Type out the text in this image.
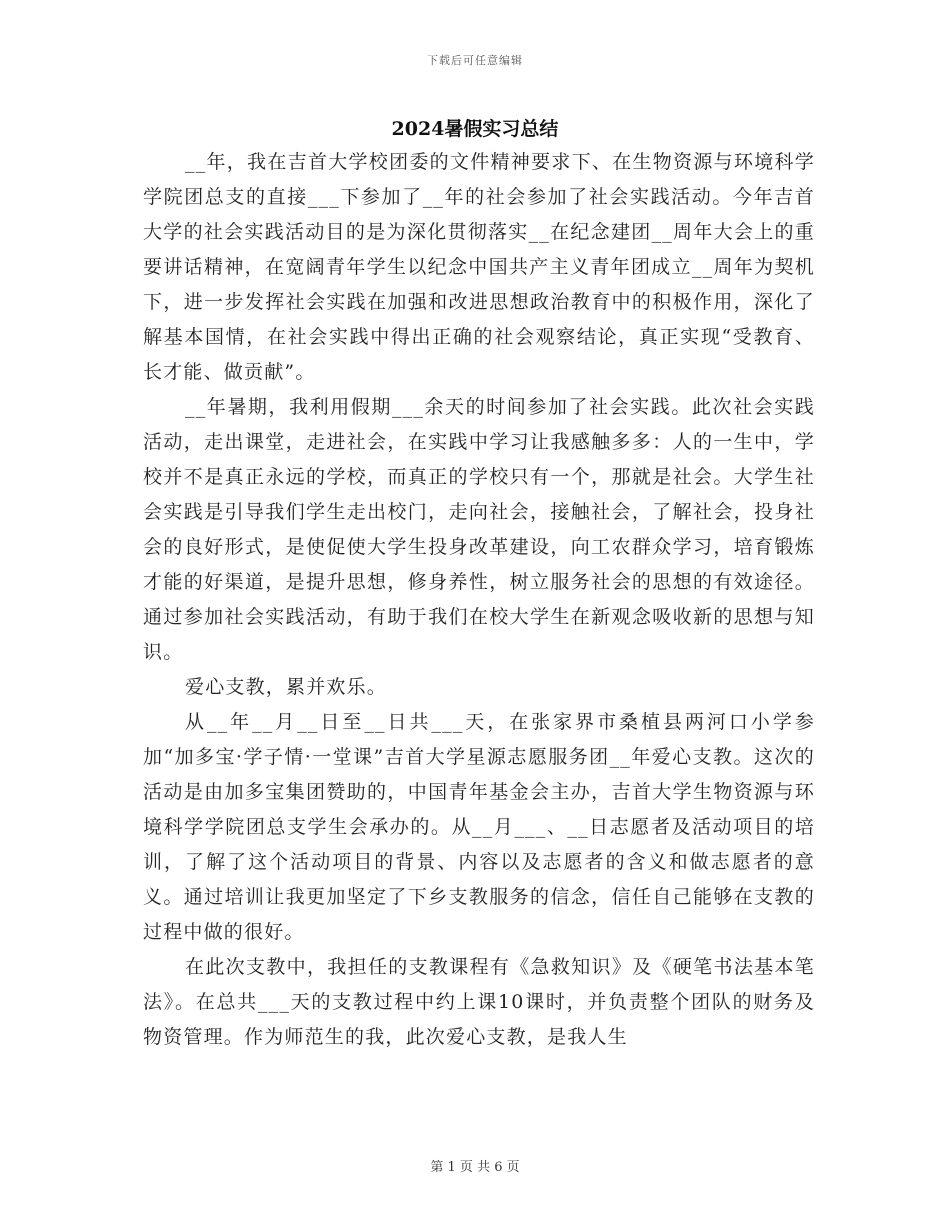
下载后可任意编辑
2024暑假实习总结

__年，我在吉首大学校团委的文件精神要求下、在生物资源与环境科学学院团总支的直接___下参加了__年的社会参加了社会实践活动。今年吉首大学的社会实践活动目的是为深化贯彻落实__在纪念建团__周年大会上的重要讲话精神，在宽阔青年学生以纪念中国共产主义青年团成立__周年为契机下，进一步发挥社会实践在加强和改进思想政治教育中的积极作用，深化了解基本国情，在社会实践中得出正确的社会观察结论，真正实现“受教育、长才能、做贡献”。

__年暑期，我利用假期___余天的时间参加了社会实践。此次社会实践活动，走出课堂，走进社会，在实践中学习让我感触多多：人的一生中，学校并不是真正永远的学校，而真正的学校只有一个，那就是社会。大学生社会实践是引导我们学生走出校门，走向社会，接触社会，了解社会，投身社会的良好形式，是使促使大学生投身改革建设，向工农群众学习，培育锻炼才能的好渠道，是提升思想，修身养性，树立服务社会的思想的有效途径。通过参加社会实践活动，有助于我们在校大学生在新观念吸收新的思想与知识。

爱心支教，累并欢乐。

从__年__月__日至__日共___天，在张家界市桑植县两河口小学参加“加多宝·学子情·一堂课”吉首大学星源志愿服务团__年爱心支教。这次的活动是由加多宝集团赞助的，中国青年基金会主办，吉首大学生物资源与环境科学学院团总支学生会承办的。从__月___、__日志愿者及活动项目的培训，了解了这个活动项目的背景、内容以及志愿者的含义和做志愿者的意义。通过培训让我更加坚定了下乡支教服务的信念，信任自己能够在支教的过程中做的很好。

在此次支教中，我担任的支教课程有《急救知识》及《硬笔书法基本笔法》。在总共___天的支教过程中约上课10课时，并负责整个团队的财务及物资管理。作为师范生的我，此次爱心支教，是我人生

第 1 页 共 6 页
